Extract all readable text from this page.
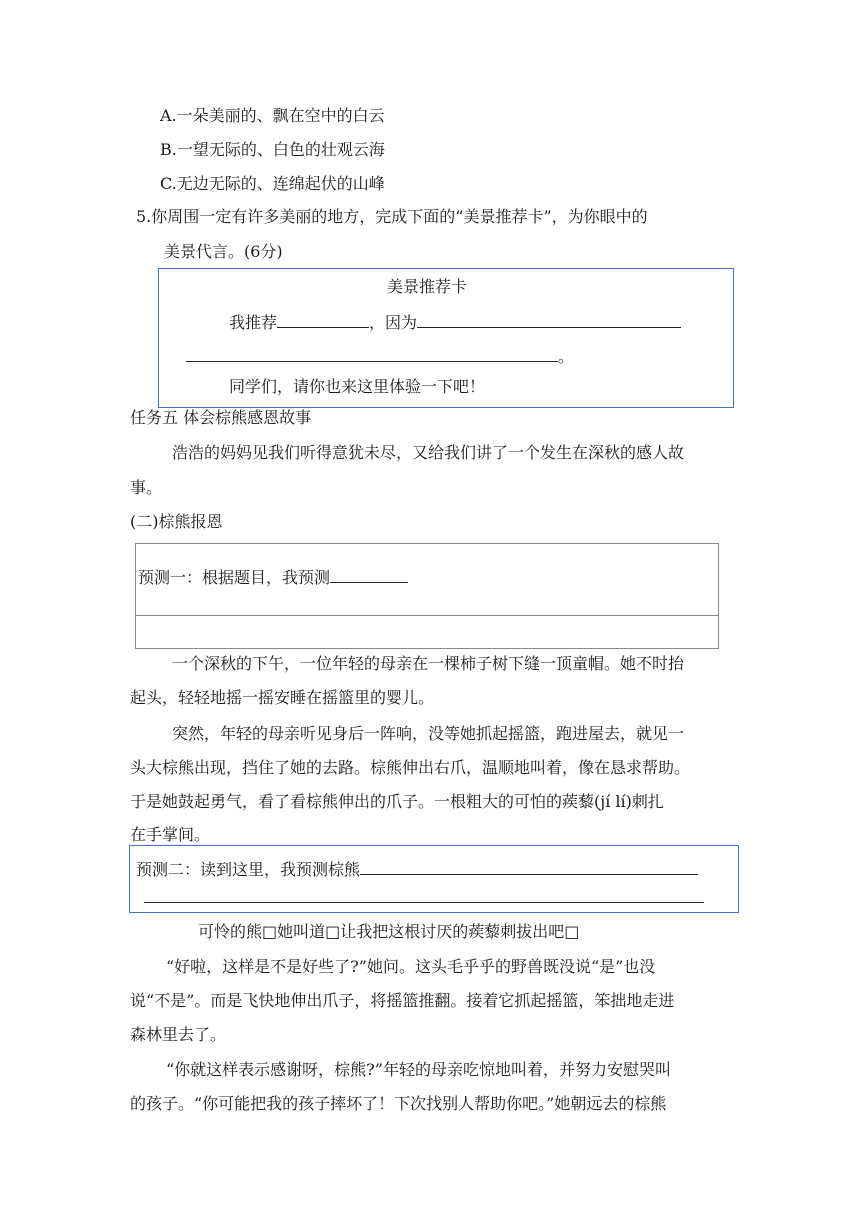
A.一朵美丽的、飘在空中的白云
B.一望无际的、白色的壮观云海
C.无边无际的、连绵起伏的山峰
5.你周围一定有许多美丽的地方，完成下面的“美景推荐卡”，为你眼中的
美景代言。(6分)
美景推荐卡
我推荐	，因为
。
同学们，请你也来这里体验一下吧！
任务五 体会棕熊感恩故事
浩浩的妈妈见我们听得意犹未尽，又给我们讲了一个发生在深秋的感人故
事。
(二)棕熊报恩
预测一：根据题目，我预测
一个深秋的下午，一位年轻的母亲在一棵柿子树下缝一顶童帽。她不时抬
起头，轻轻地摇一摇安睡在摇篮里的婴儿。
突然，年轻的母亲听见身后一阵响，没等她抓起摇篮，跑进屋去，就见一
头大棕熊出现，挡住了她的去路。棕熊伸出右爪，温顺地叫着，像在恳求帮助。
于是她鼓起勇气，看了看棕熊伸出的爪子。一根粗大的可怕的蒺藜(jí lí)刺扎
在手掌间。
预测二：读到这里，我预测棕熊
可怜的熊□她叫道□让我把这根讨厌的蒺藜刺拔出吧□
“好啦，这样是不是好些了?”她问。这头毛乎乎的野兽既没说“是”也没
说“不是”。而是飞快地伸出爪子，将摇篮推翻。接着它抓起摇篮，笨拙地走进
森林里去了。
“你就这样表示感谢呀，棕熊?”年轻的母亲吃惊地叫着，并努力安慰哭叫
的孩子。“你可能把我的孩子摔坏了！下次找别人帮助你吧。”她朝远去的棕熊
